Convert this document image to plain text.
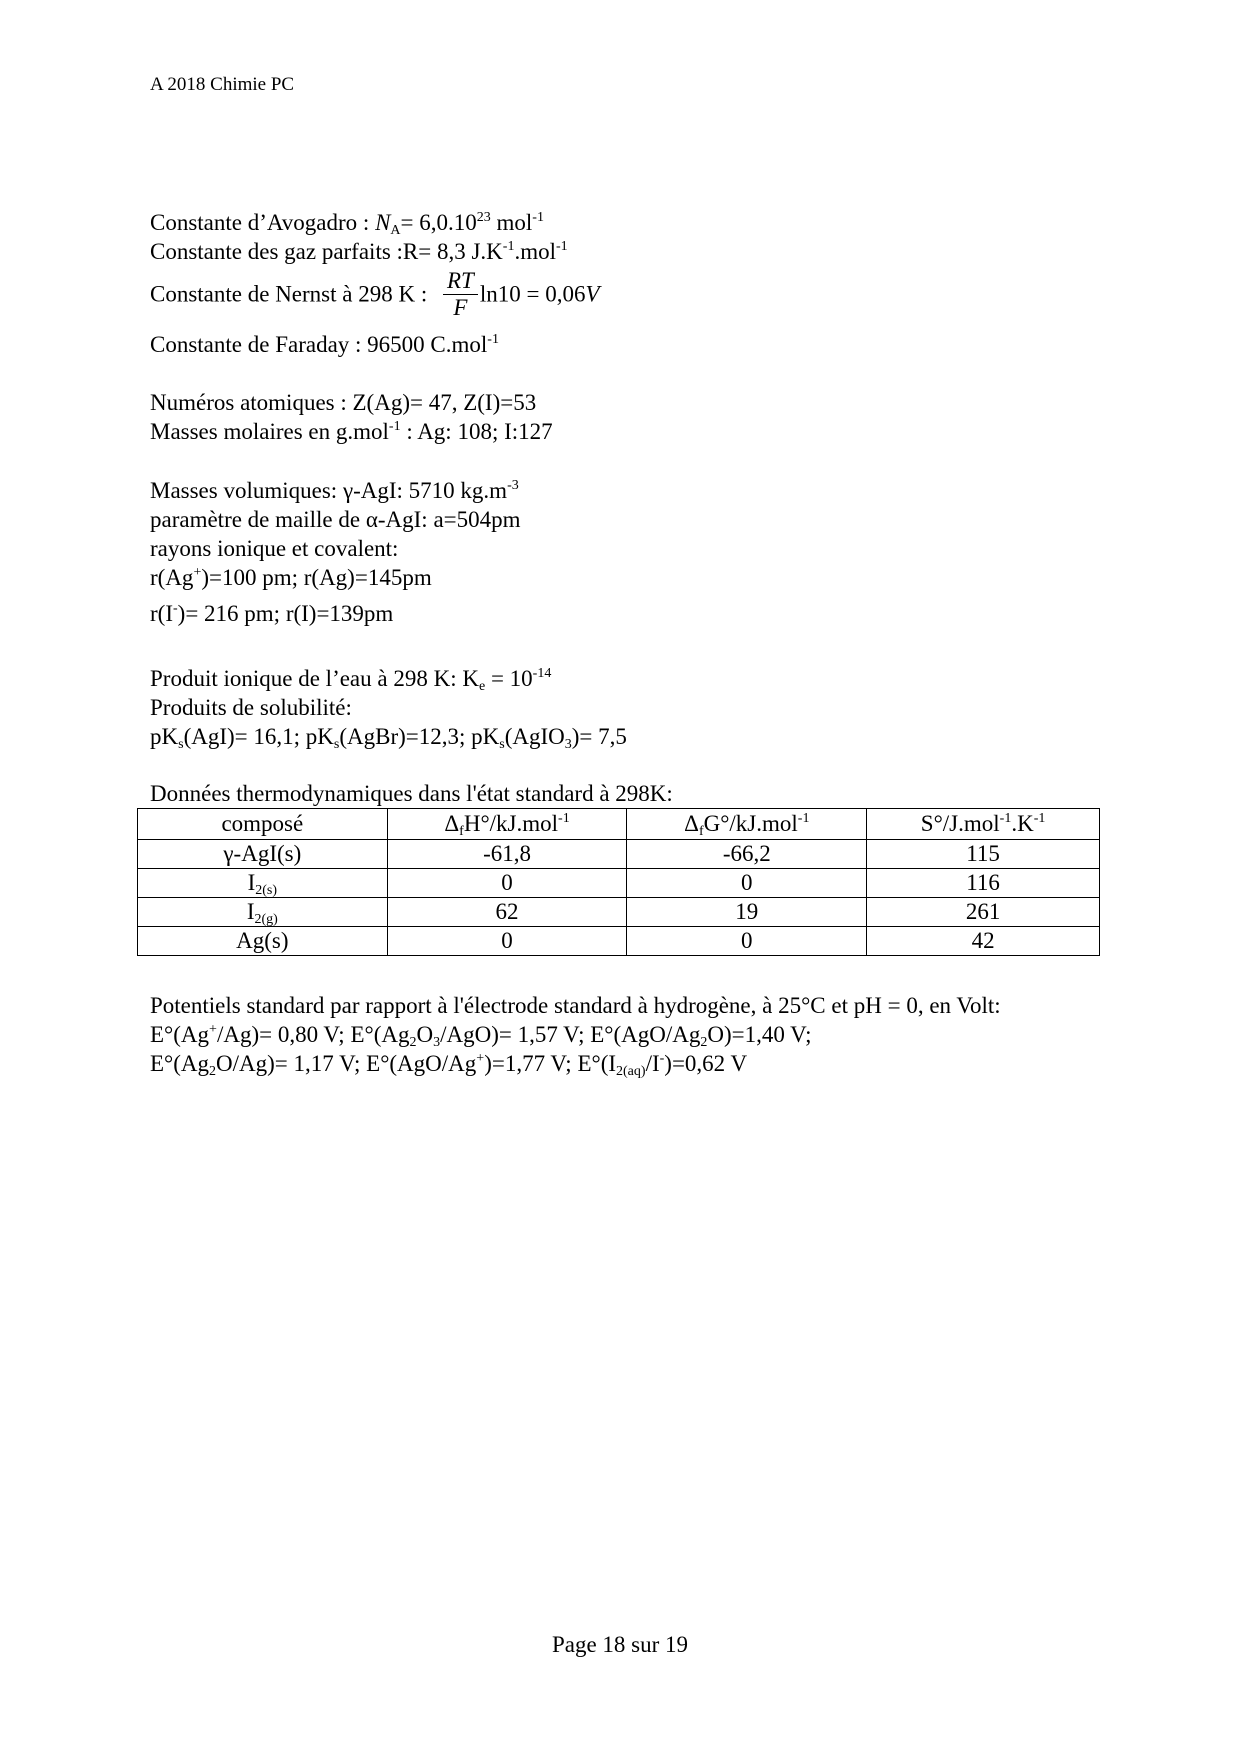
A 2018 Chimie PC
Constante d’Avogadro : $N_A= 6,0.10^{23}$ mol$^{-1}$
Constante des gaz parfaits :R= 8,3 $J.K^{-1}.mol^{-1}$
Constante de Nernst à 298 K : $\frac{RT}{F} \ln 10 = 0,06V$
Constante de Faraday : 96500 C.mol$^{-1}$
Numéros atomiques : Z(Ag)= 47, Z(I)=53
Masses molaires en g.mol$^{-1}$ : Ag: 108; I:127
Masses volumiques: γ-AgI: 5710 $kg.m^{-3}$
paramètre de maille de α-AgI: a=504pm
rayons ionique et covalent:
r(Ag+)=100 pm; r(Ag)=145pm
r(I-)= 216 pm; r(I)=139pm
Produit ionique de l’eau à 298 K: $K_e = 10^{-14}$
Produits de solubilité:
$pK_s(AgI)= 16,1$; $pK_s(AgBr)=12,3$; $pK_s(AgIO_3)= 7,5$
Données thermodynamiques dans l'état standard à 298K:
composé	$\Delta_fH^\circ/kJ.mol^{-1}$	$\Delta_fG^\circ/kJ.mol^{-1}$	$S^\circ/J.mol^{-1}.K^{-1}$
γ-AgI(s)	-61,8	-66,2	115
$I_{2(s)}$	0	0	116
$I_{2(g)}$	62	19	261
Ag(s)	0	0	42
Potentiels standard par rapport à l'électrode standard à hydrogène, à 25°C et pH = 0, en Volt:
E°(Ag+/Ag)= 0,80 V; $E^\circ(Ag_2O_3/AgO)= 1,57$ V; $E^\circ(AgO/Ag_2O)=1,40$ V;
$E^\circ(Ag_2O/Ag)= 1,17$ V; E°(AgO/Ag+)=1,77 V; $E^\circ(I_{2(aq)}/I^-)=0,62$ V
Page 18 sur 19
